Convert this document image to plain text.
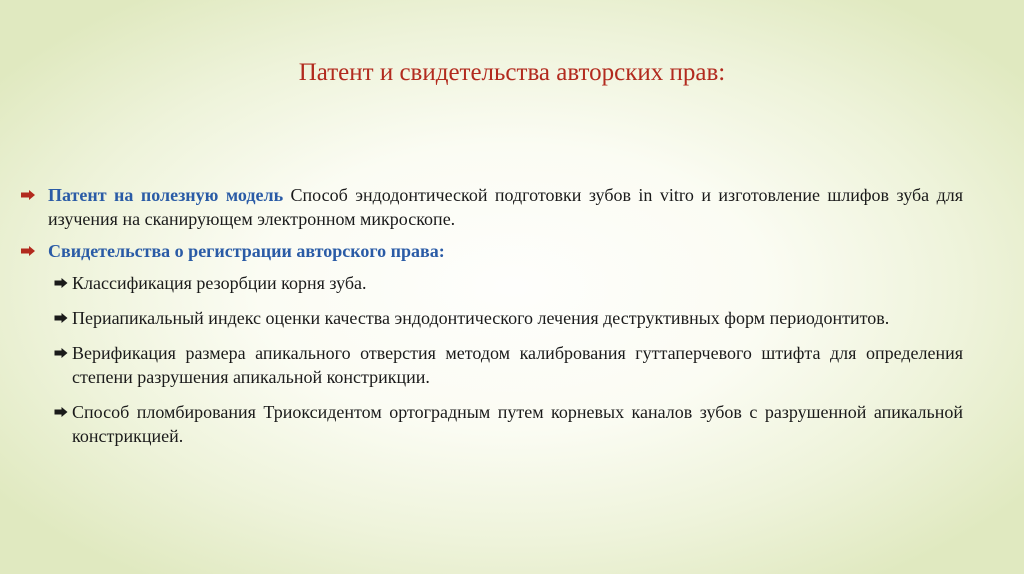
Патент и свидетельства авторских прав:
Патент на полезную модель Способ эндодонтической подготовки зубов in vitro и изготовление шлифов зуба для изучения на сканирующем электронном микроскопе.
Свидетельства о регистрации авторского права:
Классификация резорбции корня зуба.
Периапикальный индекс оценки качества эндодонтического лечения деструктивных форм периодонтитов.
Верификация размера апикального отверстия методом калибрования гуттаперчевого штифта для определения степени разрушения апикальной констрикции.
Способ пломбирования Триоксидентом ортоградным путем корневых каналов зубов с разрушенной апикальной констрикцией.
